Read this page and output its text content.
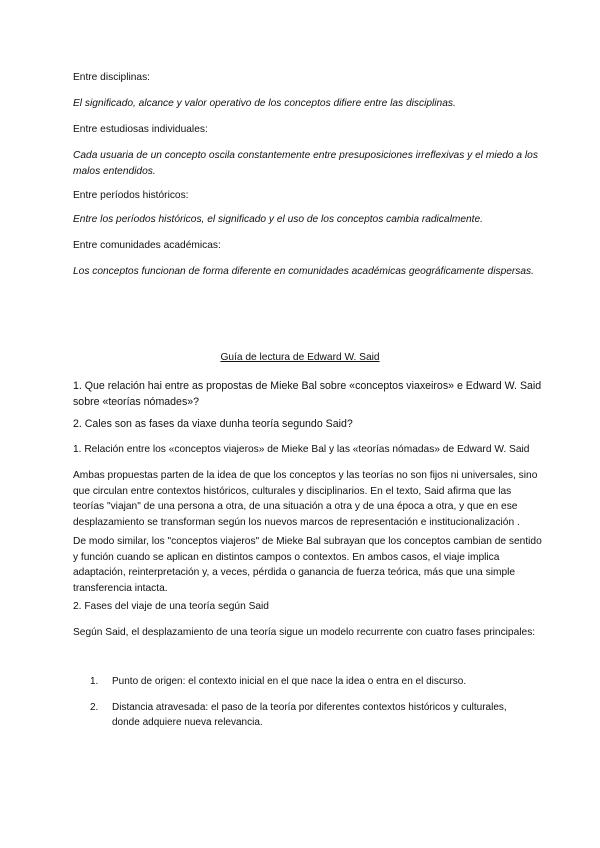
Entre disciplinas:

El significado, alcance y valor operativo de los conceptos difiere entre las disciplinas.

Entre estudiosas individuales:

Cada usuaria de un concepto oscila constantemente entre presuposiciones irreflexivas y el miedo a los malos entendidos.

Entre períodos históricos:

Entre los períodos históricos, el significado y el uso de los conceptos cambia radicalmente.

Entre comunidades académicas:

Los conceptos funcionan de forma diferente en comunidades académicas geográficamente dispersas.

Guía de lectura de Edward W. Said

1. Que relación hai entre as propostas de Mieke Bal sobre «conceptos viaxeiros» e Edward W. Said sobre «teorías nómades»?

2. Cales son as fases da viaxe dunha teoría segundo Said?

1. Relación entre los «conceptos viajeros» de Mieke Bal y las «teorías nómadas» de Edward W. Said

Ambas propuestas parten de la idea de que los conceptos y las teorías no son fijos ni universales, sino que circulan entre contextos históricos, culturales y disciplinarios. En el texto, Said afirma que las teorías "viajan" de una persona a otra, de una situación a otra y de una época a otra, y que en ese desplazamiento se transforman según los nuevos marcos de representación e institucionalización .

De modo similar, los "conceptos viajeros" de Mieke Bal subrayan que los conceptos cambian de sentido y función cuando se aplican en distintos campos o contextos. En ambos casos, el viaje implica adaptación, reinterpretación y, a veces, pérdida o ganancia de fuerza teórica, más que una simple transferencia intacta.

2. Fases del viaje de una teoría según Said

Según Said, el desplazamiento de una teoría sigue un modelo recurrente con cuatro fases principales:

1. Punto de origen: el contexto inicial en el que nace la idea o entra en el discurso.
2. Distancia atravesada: el paso de la teoría por diferentes contextos históricos y culturales, donde adquiere nueva relevancia.
